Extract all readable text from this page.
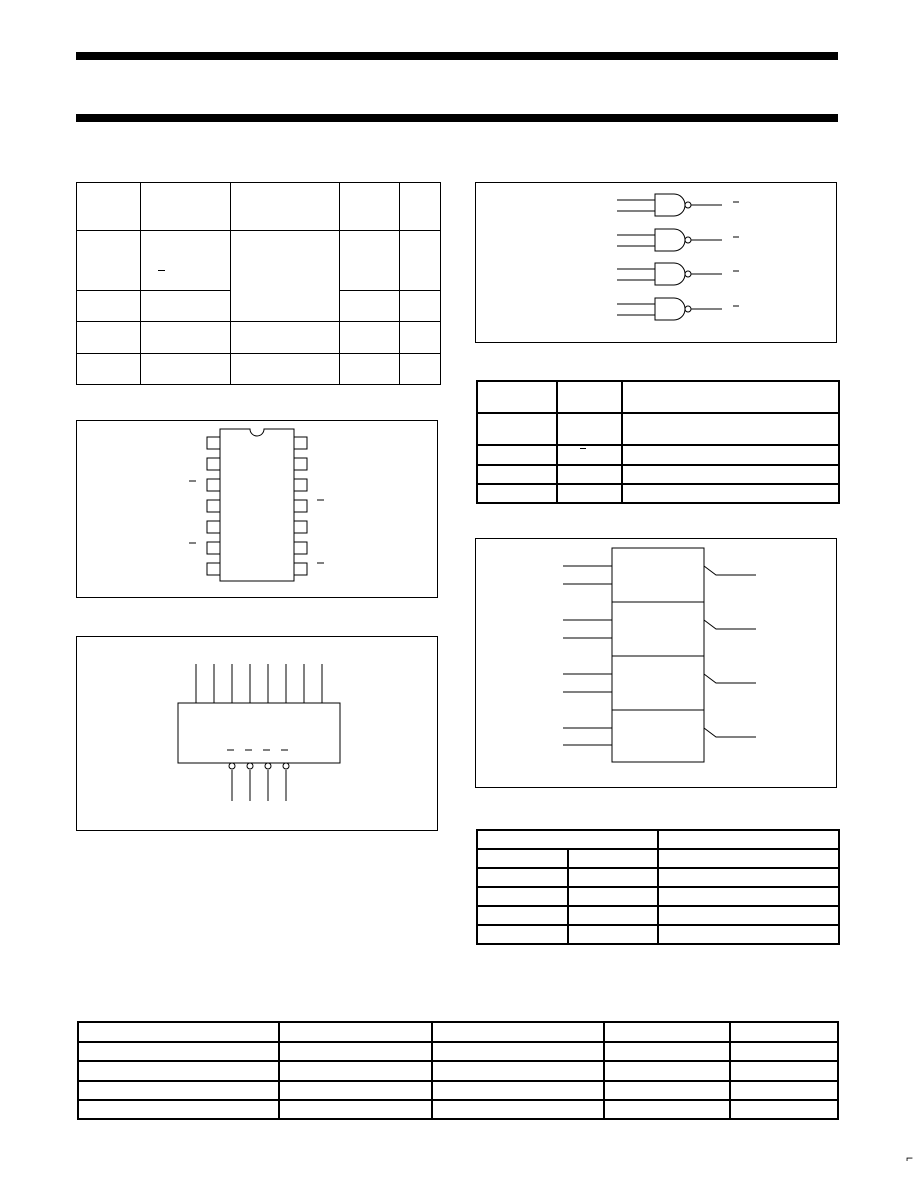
⌐
